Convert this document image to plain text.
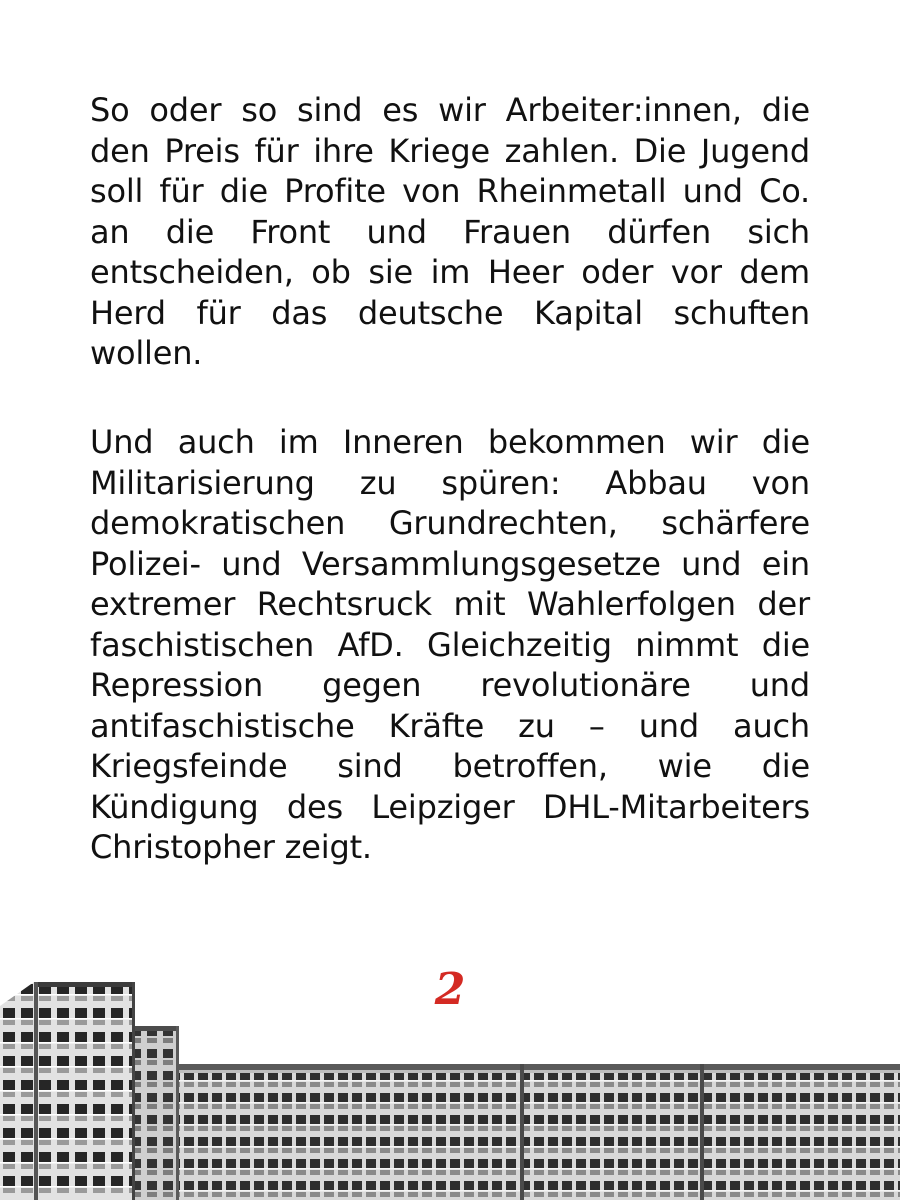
So oder so sind es wir Arbeiter:innen, die den Preis für ihre Kriege zahlen. Die Jugend soll für die Profite von Rheinmetall und Co. an die Front und Frauen dürfen sich entscheiden, ob sie im Heer oder vor dem Herd für das deutsche Kapital schuften wollen.

Und auch im Inneren bekommen wir die Militarisierung zu spüren: Abbau von demokratischen Grundrechten, schärfere Polizei- und Versammlungsgesetze und ein extremer Rechtsruck mit Wahlerfolgen der faschistischen AfD. Gleichzeitig nimmt die Repression gegen revolutionäre und antifaschistische Kräfte zu – und auch Kriegsfeinde sind betroffen, wie die Kündigung des Leipziger DHL-Mitarbeiters Christopher zeigt.

2
